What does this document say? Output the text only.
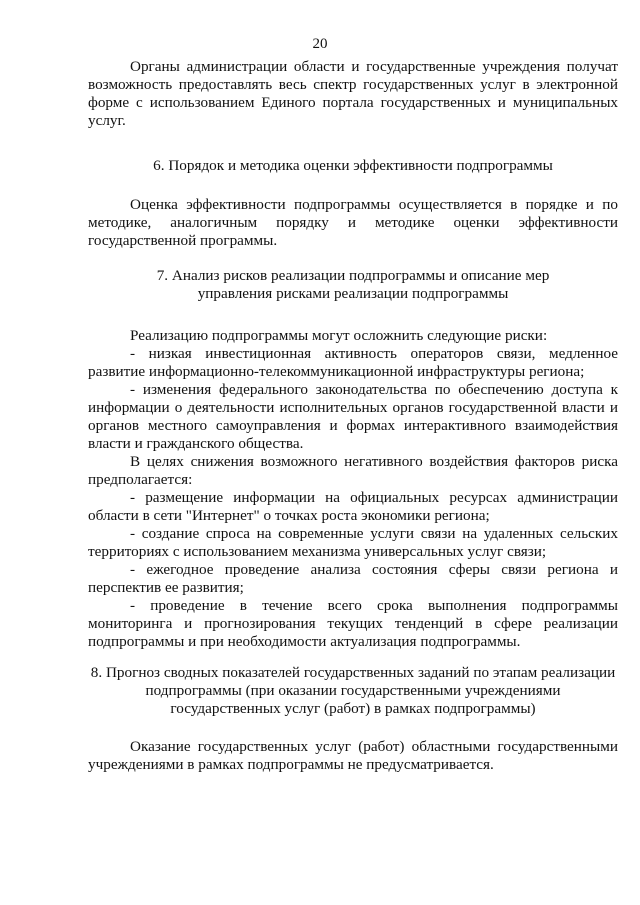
20

Органы администрации области и государственные учреждения получат возможность предоставлять весь спектр государственных услуг в электронной форме с использованием Единого портала государственных и муниципальных услуг.

6. Порядок и методика оценки эффективности подпрограммы

Оценка эффективности подпрограммы осуществляется в порядке и по методике, аналогичным порядку и методике оценки эффективности государственной программы.

7. Анализ рисков реализации подпрограммы и описание мер
управления рисками реализации подпрограммы

Реализацию подпрограммы могут осложнить следующие риски:

- низкая инвестиционная активность операторов связи, медленное развитие информационно-телекоммуникационной инфраструктуры региона;

- изменения федерального законодательства по обеспечению доступа к информации о деятельности исполнительных органов государственной власти и органов местного самоуправления и формах интерактивного взаимодействия власти и гражданского общества.

В целях снижения возможного негативного воздействия факторов риска предполагается:

- размещение информации на официальных ресурсах администрации области в сети "Интернет" о точках роста экономики региона;

- создание спроса на современные услуги связи на удаленных сельских территориях с использованием механизма универсальных услуг связи;

- ежегодное проведение анализа состояния сферы связи региона и перспектив ее развития;

- проведение в течение всего срока выполнения подпрограммы мониторинга и прогнозирования текущих тенденций в сфере реализации подпрограммы и при необходимости актуализация подпрограммы.

8. Прогноз сводных показателей государственных заданий по этапам реализации
подпрограммы (при оказании государственными учреждениями
государственных услуг (работ) в рамках подпрограммы)

Оказание государственных услуг (работ) областными государственными учреждениями в рамках подпрограммы не предусматривается.
